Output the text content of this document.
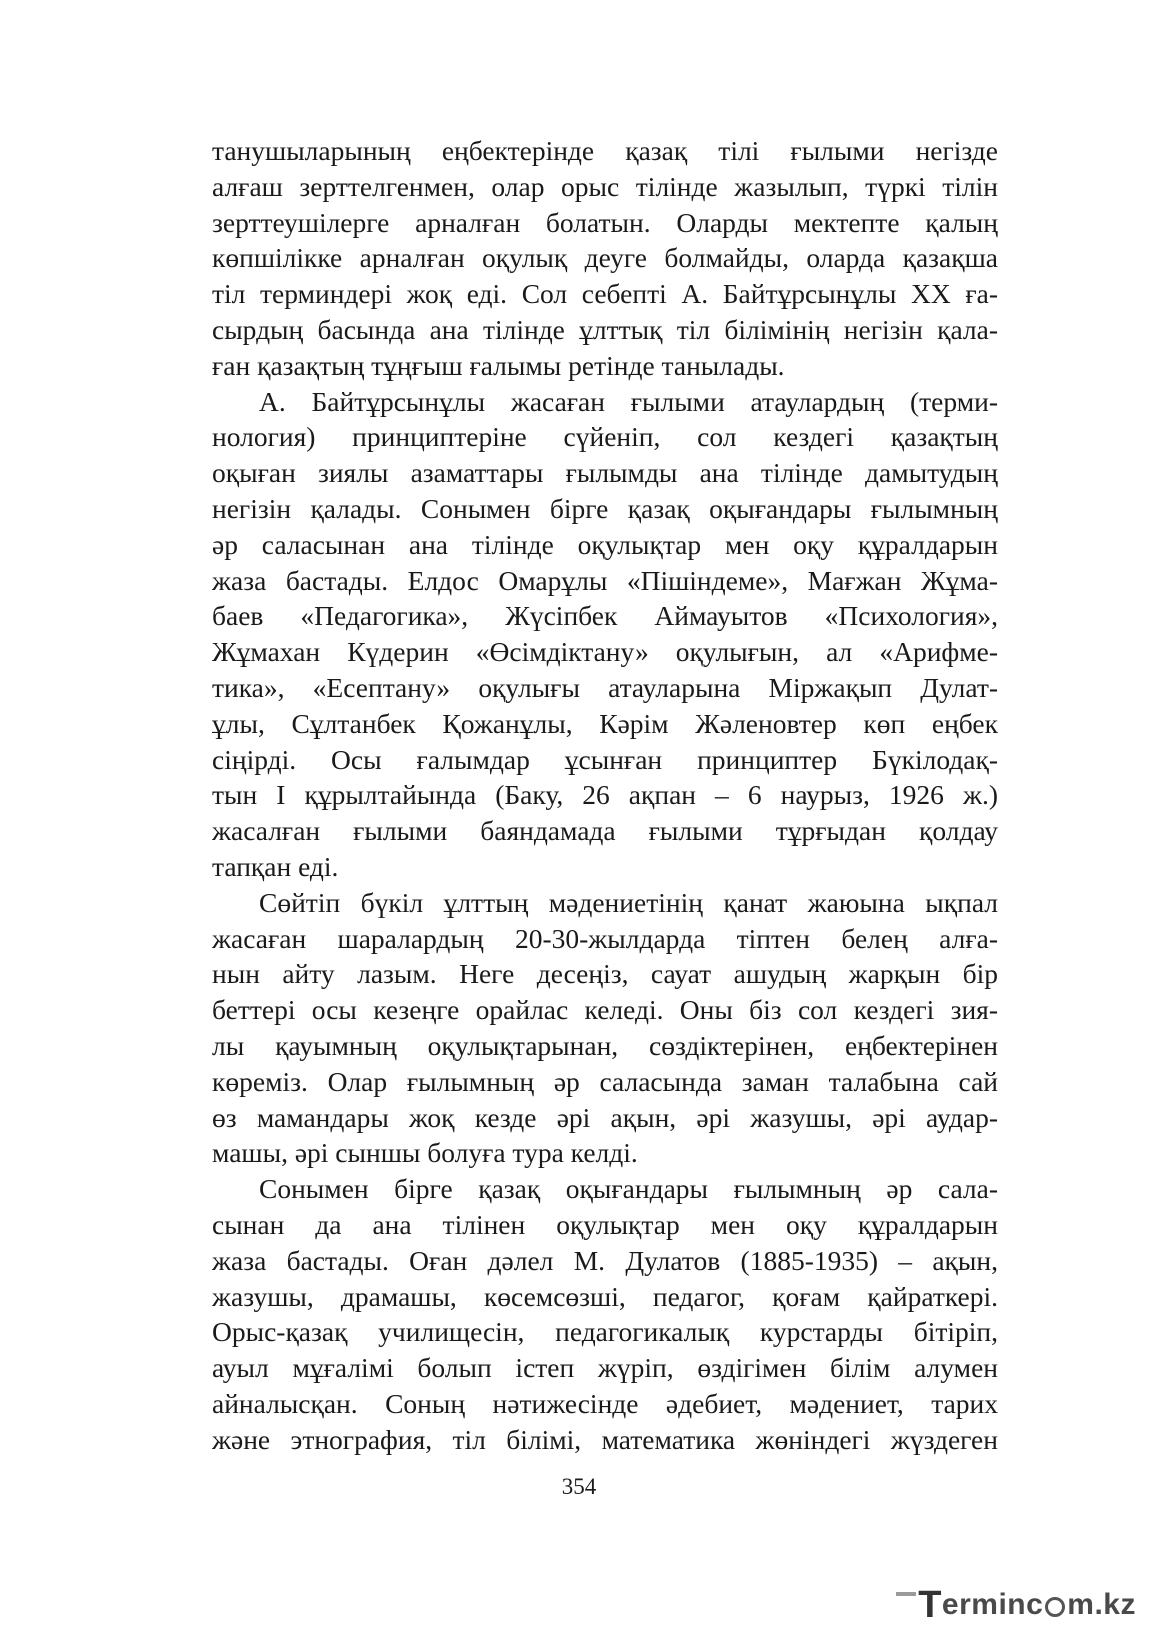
танушыларының еңбектерінде қазақ тілі ғылыми негізде
алғаш зерттелгенмен, олар орыс тілінде жазылып, түркі тілін
зерттеушілерге арналған болатын. Оларды мектепте қалың
көпшілікке арналған оқулық деуге болмайды, оларда қазақша
тіл терминдері жоқ еді. Сол себепті А. Байтұрсынұлы ХХ ға-
сырдың басында ана тілінде ұлттық тіл білімінің негізін қала-
ған қазақтың тұңғыш ғалымы ретінде танылады.
А. Байтұрсынұлы жасаған ғылыми атаулардың (терми-
нология) принциптеріне сүйеніп, сол кездегі қазақтың
оқыған зиялы азаматтары ғылымды ана тілінде дамытудың
негізін қалады. Сонымен бірге қазақ оқығандары ғылымның
әр саласынан ана тілінде оқулықтар мен оқу құралдарын
жаза бастады. Елдос Омарұлы «Пішіндеме», Мағжан Жұма-
баев «Педагогика», Жүсіпбек Аймауытов «Психология»,
Жұмахан Күдерин «Өсімдіктану» оқулығын, ал «Арифме-
тика», «Есептану» оқулығы атауларына Міржақып Дулат-
ұлы, Сұлтанбек Қожанұлы, Кәрім Жәленовтер көп еңбек
сіңірді. Осы ғалымдар ұсынған принциптер Бүкілодақ-
тын I құрылтайында (Баку, 26 ақпан – 6 наурыз, 1926 ж.)
жасалған ғылыми баяндамада ғылыми тұрғыдан қолдау
тапқан еді.
Сөйтіп бүкіл ұлттың мәдениетінің қанат жаюына ықпал
жасаған шаралардың 20-30-жылдарда тіптен белең алға-
нын айту лазым. Неге десеңіз, сауат ашудың жарқын бір
беттері осы кезеңге орайлас келеді. Оны біз сол кездегі зия-
лы қауымның оқулықтарынан, сөздіктерінен, еңбектерінен
көреміз. Олар ғылымның әр саласында заман талабына сай
өз мамандары жоқ кезде әрі ақын, әрі жазушы, әрі аудар-
машы, әрі сыншы болуға тура келді.
Сонымен бірге қазақ оқығандары ғылымның әр сала-
сынан да ана тілінен оқулықтар мен оқу құралдарын
жаза бастады. Оған дәлел М. Дулатов (1885-1935) – ақын,
жазушы, драмашы, көсемсөзші, педагог, қоғам қайраткері.
Орыс-қазақ училищесін, педагогикалық курстарды бітіріп,
ауыл мұғалімі болып істеп жүріп, өздігімен білім алумен
айналысқан. Соның нәтижесінде әдебиет, мәдениет, тарих
және этнография, тіл білімі, математика жөніндегі жүздеген
354
T ermin c m.kz
